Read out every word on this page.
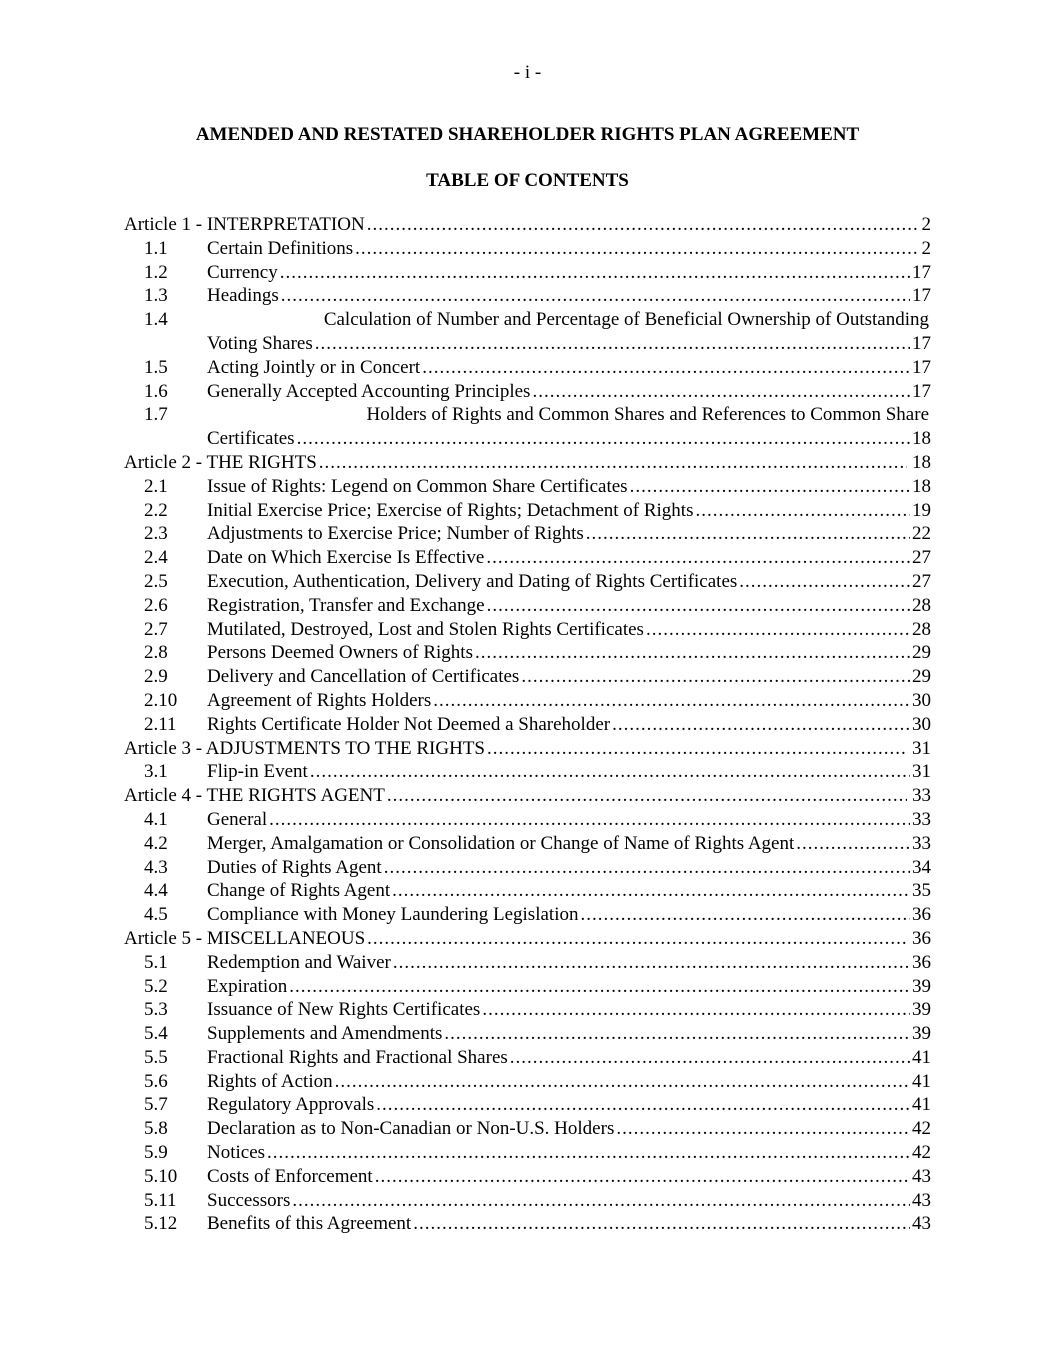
- i -
AMENDED AND RESTATED SHAREHOLDER RIGHTS PLAN AGREEMENT
TABLE OF CONTENTS
Article 1 - INTERPRETATION .....	2
1.1 Certain Definitions .....	2
1.2 Currency .....	17
1.3 Headings .....	17
1.4	Calculation of Number and Percentage of Beneficial Ownership of Outstanding
Voting Shares .....	17
1.5 Acting Jointly or in Concert .....	17
1.6 Generally Accepted Accounting Principles .....	17
1.7	Holders of Rights and Common Shares and References to Common Share
Certificates .....	18
Article 2 - THE RIGHTS .....	18
2.1 Issue of Rights: Legend on Common Share Certificates .....	18
2.2 Initial Exercise Price; Exercise of Rights; Detachment of Rights .....	19
2.3 Adjustments to Exercise Price; Number of Rights .....	22
2.4 Date on Which Exercise Is Effective .....	27
2.5 Execution, Authentication, Delivery and Dating of Rights Certificates .....	27
2.6 Registration, Transfer and Exchange .....	28
2.7 Mutilated, Destroyed, Lost and Stolen Rights Certificates .....	28
2.8 Persons Deemed Owners of Rights .....	29
2.9 Delivery and Cancellation of Certificates .....	29
2.10 Agreement of Rights Holders .....	30
2.11 Rights Certificate Holder Not Deemed a Shareholder .....	30
Article 3 - ADJUSTMENTS TO THE RIGHTS .....	31
3.1 Flip-in Event .....	31
Article 4 - THE RIGHTS AGENT .....	33
4.1 General .....	33
4.2 Merger, Amalgamation or Consolidation or Change of Name of Rights Agent .....	33
4.3 Duties of Rights Agent .....	34
4.4 Change of Rights Agent .....	35
4.5 Compliance with Money Laundering Legislation .....	36
Article 5 - MISCELLANEOUS .....	36
5.1 Redemption and Waiver .....	36
5.2 Expiration .....	39
5.3 Issuance of New Rights Certificates .....	39
5.4 Supplements and Amendments .....	39
5.5 Fractional Rights and Fractional Shares .....	41
5.6 Rights of Action .....	41
5.7 Regulatory Approvals .....	41
5.8 Declaration as to Non-Canadian or Non-U.S. Holders .....	42
5.9 Notices .....	42
5.10 Costs of Enforcement .....	43
5.11 Successors .....	43
5.12 Benefits of this Agreement .....	43
